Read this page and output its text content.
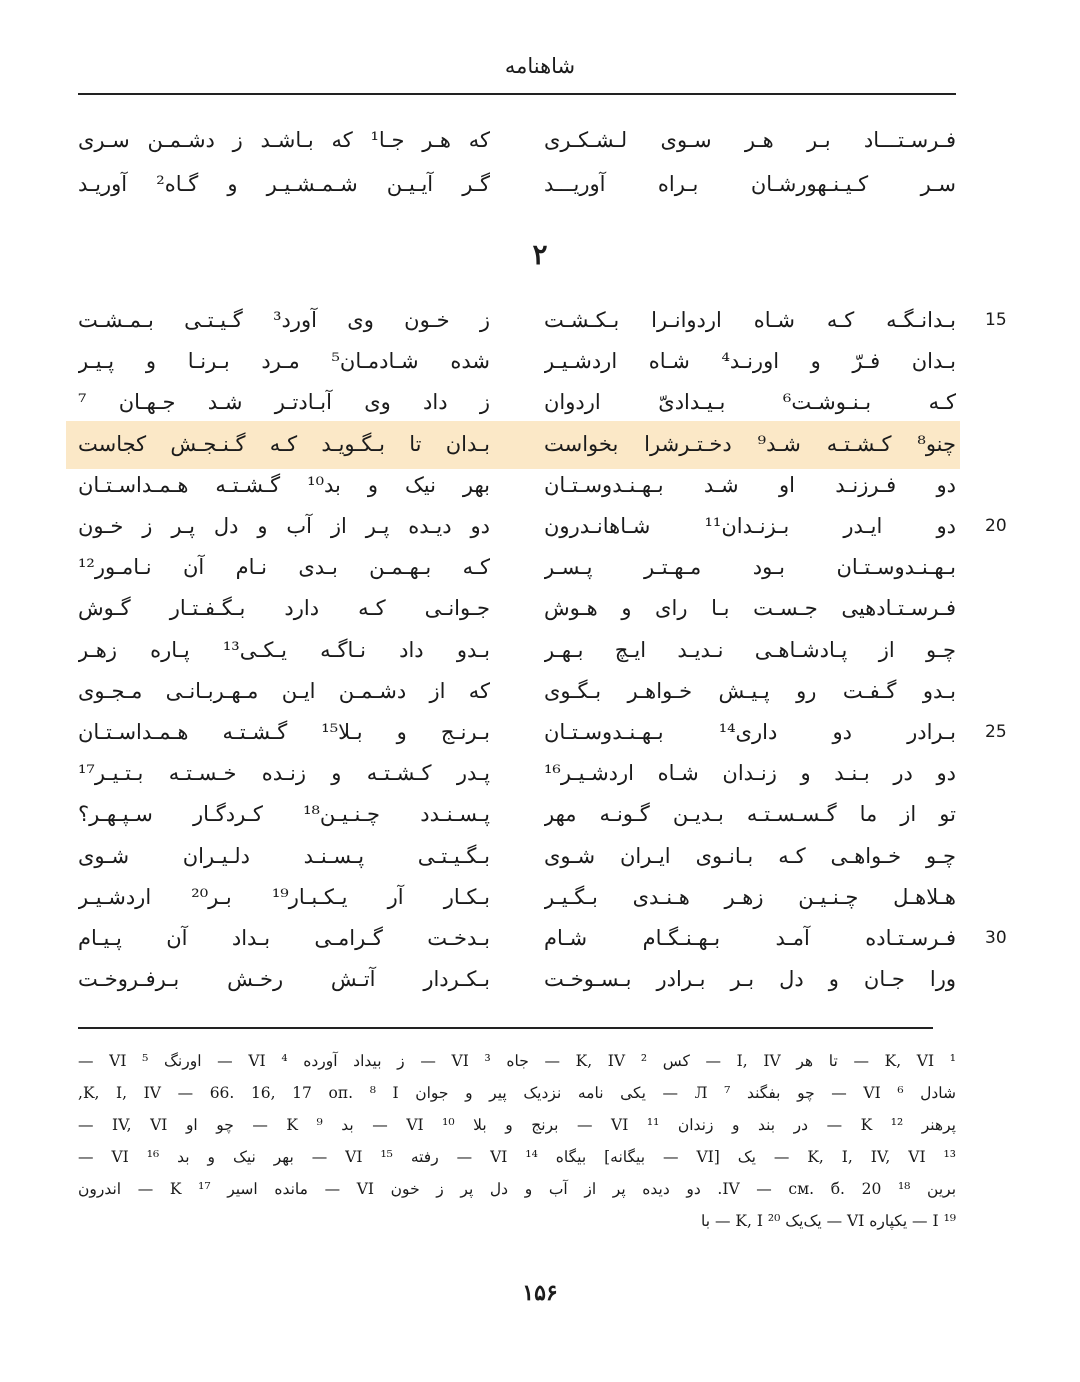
شاهنامه
فـرسـتـــاد بـر هـر سـوی لـشـكـری
كه هـر جـا¹ كه بـاشـد ز دشـمـن سـری
سـر كـيـنـهورشـان بـراه آوريـــد
گـر آيـيـن شـمـشـيـر و گـاه² آوريـد
۲
15
بـدانـگـه كـه شـاه اردوانـرا بـكـشـت
ز خـون وی آورد³ گـيـتـی بـمـشـت
بـدان فـرّ و اورنـد⁴ شـاه اردشـيـر
شده شـادمـان⁵ مـرد بـرنـا و پـيـر
كـه بـنـوشـت⁶ بـيـدادیّ اردوان
ز داد وی آبـادتـر شـد جـهـان ⁷
چنو⁸ كـشـتـه شـد⁹ دخـتـرشرا بخواست
بـدان تا بـگـويـد كـه گـنـجـش كجاست
دو فـرزنـد او شـد بـهـنـدوسـتـان
بهر نيک و بد¹⁰ گـشـتـه هـمـداسـتـان
20
دو ايـدر بـزنـدان¹¹ شـاهانـدرون
دو ديـده پـر از آب و دل پـر ز خـون
بـهـنـدوسـتـان بـود مـهـتـر پـسـر
كـه بـهـمـن بـدی نـام آن نـامـور¹²
فـرسـتـادهيی جـسـت بـا رای و هـوش
جـوانـی كـه دارد بـگـفـتـار گـوش
چـو از پـادشـاهـی نـديـد ايـچ بـهـر
بـدو داد نـاگـه يـكـی¹³ پـاره زهـر
بـدو گـفـت رو پـيـش خـواهـر بـگـوی
كه از دشـمـن ايـن مـهـربـانـی مـجـوی
25
بـرادر دو داری¹⁴ بـهـنـدوسـتـان
بـرنـج و بـلا¹⁵ گـشـتـه هـمـداسـتـان
دو در بـنـد و زنـدان شـاه اردشـيـر¹⁶
پـدر كـشـتـه و زنـده خـسـتـه بـتـيـر¹⁷
تو از ما گـسـسـتـه بـديـن گـونـه مهر
پـسـنـدد چـنـيـن¹⁸ كـردگـار سـپـهـر؟
چـو خـواهـی كـه بـانـوی ايـران شـوی
بـگـيـتـی پـسـنـد دلـيـران شـوی
هـلاهـل چـنـيـن زهـر هـنـدی بـگـيـر
بـكـار آر يـكـبـار¹⁹ بـر²⁰ اردشـيـر
30
فـرسـتـاده آمـد بـهـنـگـام شـام
بـدخـت گـرامـی بـداد آن پـيـام
ورا جـان و دل بـر بـرادر بـسـوخـت
بـكـردار آتـش رخـش بـرفـروخـت
¹ K, VI — تا هر I, IV — كس ² K, IV — جاه ³ VI — ز بيداد آورده ⁴ VI — اورنگ ⁵ VI —
شادل ⁶ VI — چو بفگند ⁷ Л — يكی نامه نزديک پير و جوان K, I, IV — 66. 16, 17 оп. ⁸ I,
پرهنر ¹² K — در بند و زندان ¹¹ VI — برنج و بلا ¹⁰ VI — بد ⁹ K — چو او IV, VI —
¹³ K, I, IV, VI — يک [VI — بيگانه] بيگاه ¹⁴ VI — رفته ¹⁵ VI — بهر نيک و بد ¹⁶ VI —
برين ¹⁸ IV — см. б. 20. دو ديده پر از آب و دل پر ز خون VI — مانده اسير ¹⁷ K — اندرون
¹⁹ I — يكپاره VI — يک‌يک ²⁰ K, I — با
۱۵۶
